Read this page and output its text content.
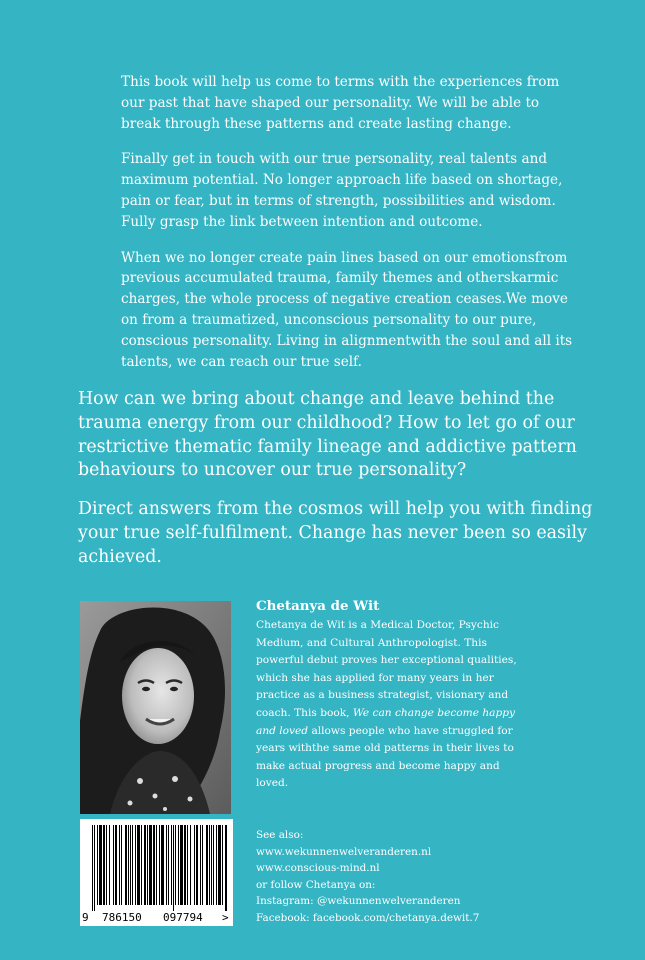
This book will help us come to terms with the experiences from our past that have shaped our personality. We will be able to break through these patterns and create lasting change.

Finally get in touch with our true personality, real talents and maximum potential. No longer approach life based on shortage, pain or fear, but in terms of strength, possibilities and wisdom. Fully grasp the link between intention and outcome.

When we no longer create pain lines based on our emotionsfrom previous accumulated trauma, family themes and otherskarmic charges, the whole process of negative creation ceases.We move on from a traumatized, unconscious personality to our pure, conscious personality. Living in alignmentwith the soul and all its talents, we can reach our true self.

How can we bring about change and leave behind the trauma energy from our childhood? How to let go of our restrictive thematic family lineage and addictive pattern behaviours to uncover our true personality?

Direct answers from the cosmos will help you with finding your true self-fulfilment. Change has never been so easily achieved.

9 786150 097794 >
Chetanya de Wit

Chetanya de Wit is a Medical Doctor, Psychic Medium, and Cultural Anthropologist. This powerful debut proves her exceptional qualities, which she has applied for many years in her practice as a business strategist, visionary and coach. This book, We can change become happy and loved allows people who have struggled for years withthe same old patterns in their lives to make actual progress and become happy and loved.

See also:
www.wekunnenwelveranderen.nl
www.conscious-mind.nl
or follow Chetanya on:
Instagram: @wekunnenwelveranderen
Facebook: facebook.com/chetanya.dewit.7
